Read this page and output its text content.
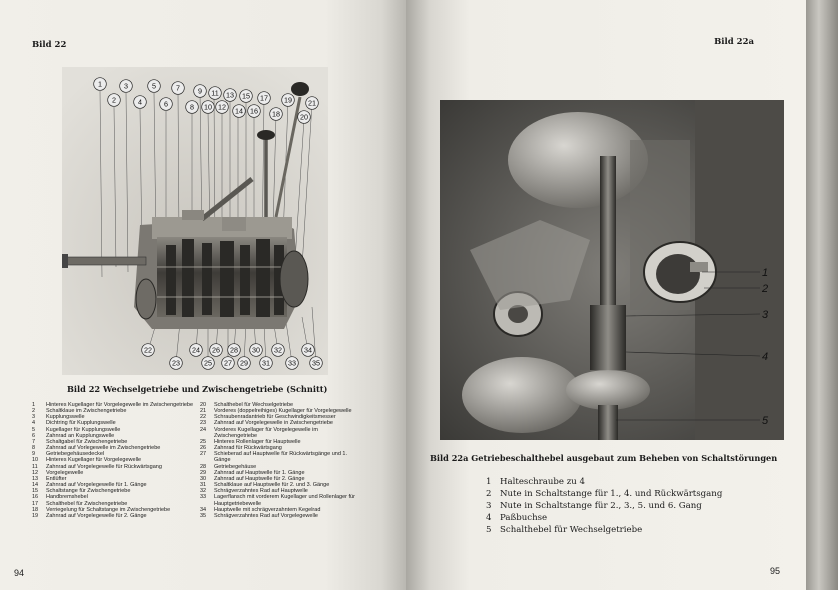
Bild 22
1
2
3
4
5
6
7
8
9
10
11
12
13
14
15
16
17
18
19
20
21
22
23
24
25
26
27
28
29
30
31
32
33
34
35
Bild 22 Wechselgetriebe und Zwischengetriebe (Schnitt)
1	Hinteres Kugellager für Vorgelegewelle im Zwischengetriebe
2	Schaltklaue im Zwischengetriebe
3	Kupplungswelle
4	Dichtring für Kupplungswelle
5	Kugellager für Kupplungswelle
6	Zahnrad an Kupplungswelle
7	Schaltgabel für Zwischengetriebe
8	Zahnrad auf Vorlegewelle im Zwischengetriebe
9	Getriebegehäusedeckel
10	Hinteres Kugellager für Vorgelegewelle
11	Zahnrad auf Vorgelegewelle für Rückwärtsgang
12	Vorgelegewelle
13	Entlüfter
14	Zahnrad auf Vorgelegewelle für 1. Gänge
15	Schaltstange für Zwischengetriebe
16	Handbremshebel
17	Schalthebel für Zwischengetriebe
18	Verriegelung für Schaltstange im Zwischengetriebe
19	Zahnrad auf Vorgelegewelle für 2. Gänge
20	Schalthebel für Wechselgetriebe
21	Vorderes (doppelreihiges) Kugellager für Vorgelegewelle
22	Schraubenradantrieb für Geschwindigkeitsmesser
23	Zahnrad auf Vorgelegewelle in Zwischengetriebe
24	Vorderes Kugellager für Vorgelegewelle im Zwischengetriebe
25	Hinteres Rollenlager für Hauptwelle
26	Zahnrad für Rückwärtsgang
27	Schieberad auf Hauptwelle für Rückwärtsgänge und 1. Gänge
28	Getriebegehäuse
29	Zahnrad auf Hauptwelle für 1. Gänge
30	Zahnrad auf Hauptwelle für 2. Gänge
31	Schaltklaue auf Hauptwelle für 2. und 3. Gänge
32	Schrägverzahntes Rad auf Hauptwelle
33	Lagerflansch mit vorderem Kugellager und Rollenlager für Hauptgetriebewelle
34	Hauptwelle mit schrägverzahntem Kegelrad
35	Schrägverzahntes Rad auf Vorgelegewelle
94
Bild 22a
1
2
3
4
5
Bild 22a Getriebeschalthebel ausgebaut zum Beheben von Schaltstörungen
95
1 Halteschraube zu 4
2 Nute in Schaltstange für 1., 4. und Rückwärtsgang
3 Nute in Schaltstange für 2., 3., 5. und 6. Gang
4 Paßbuchse
5 Schalthebel für Wechselgetriebe
